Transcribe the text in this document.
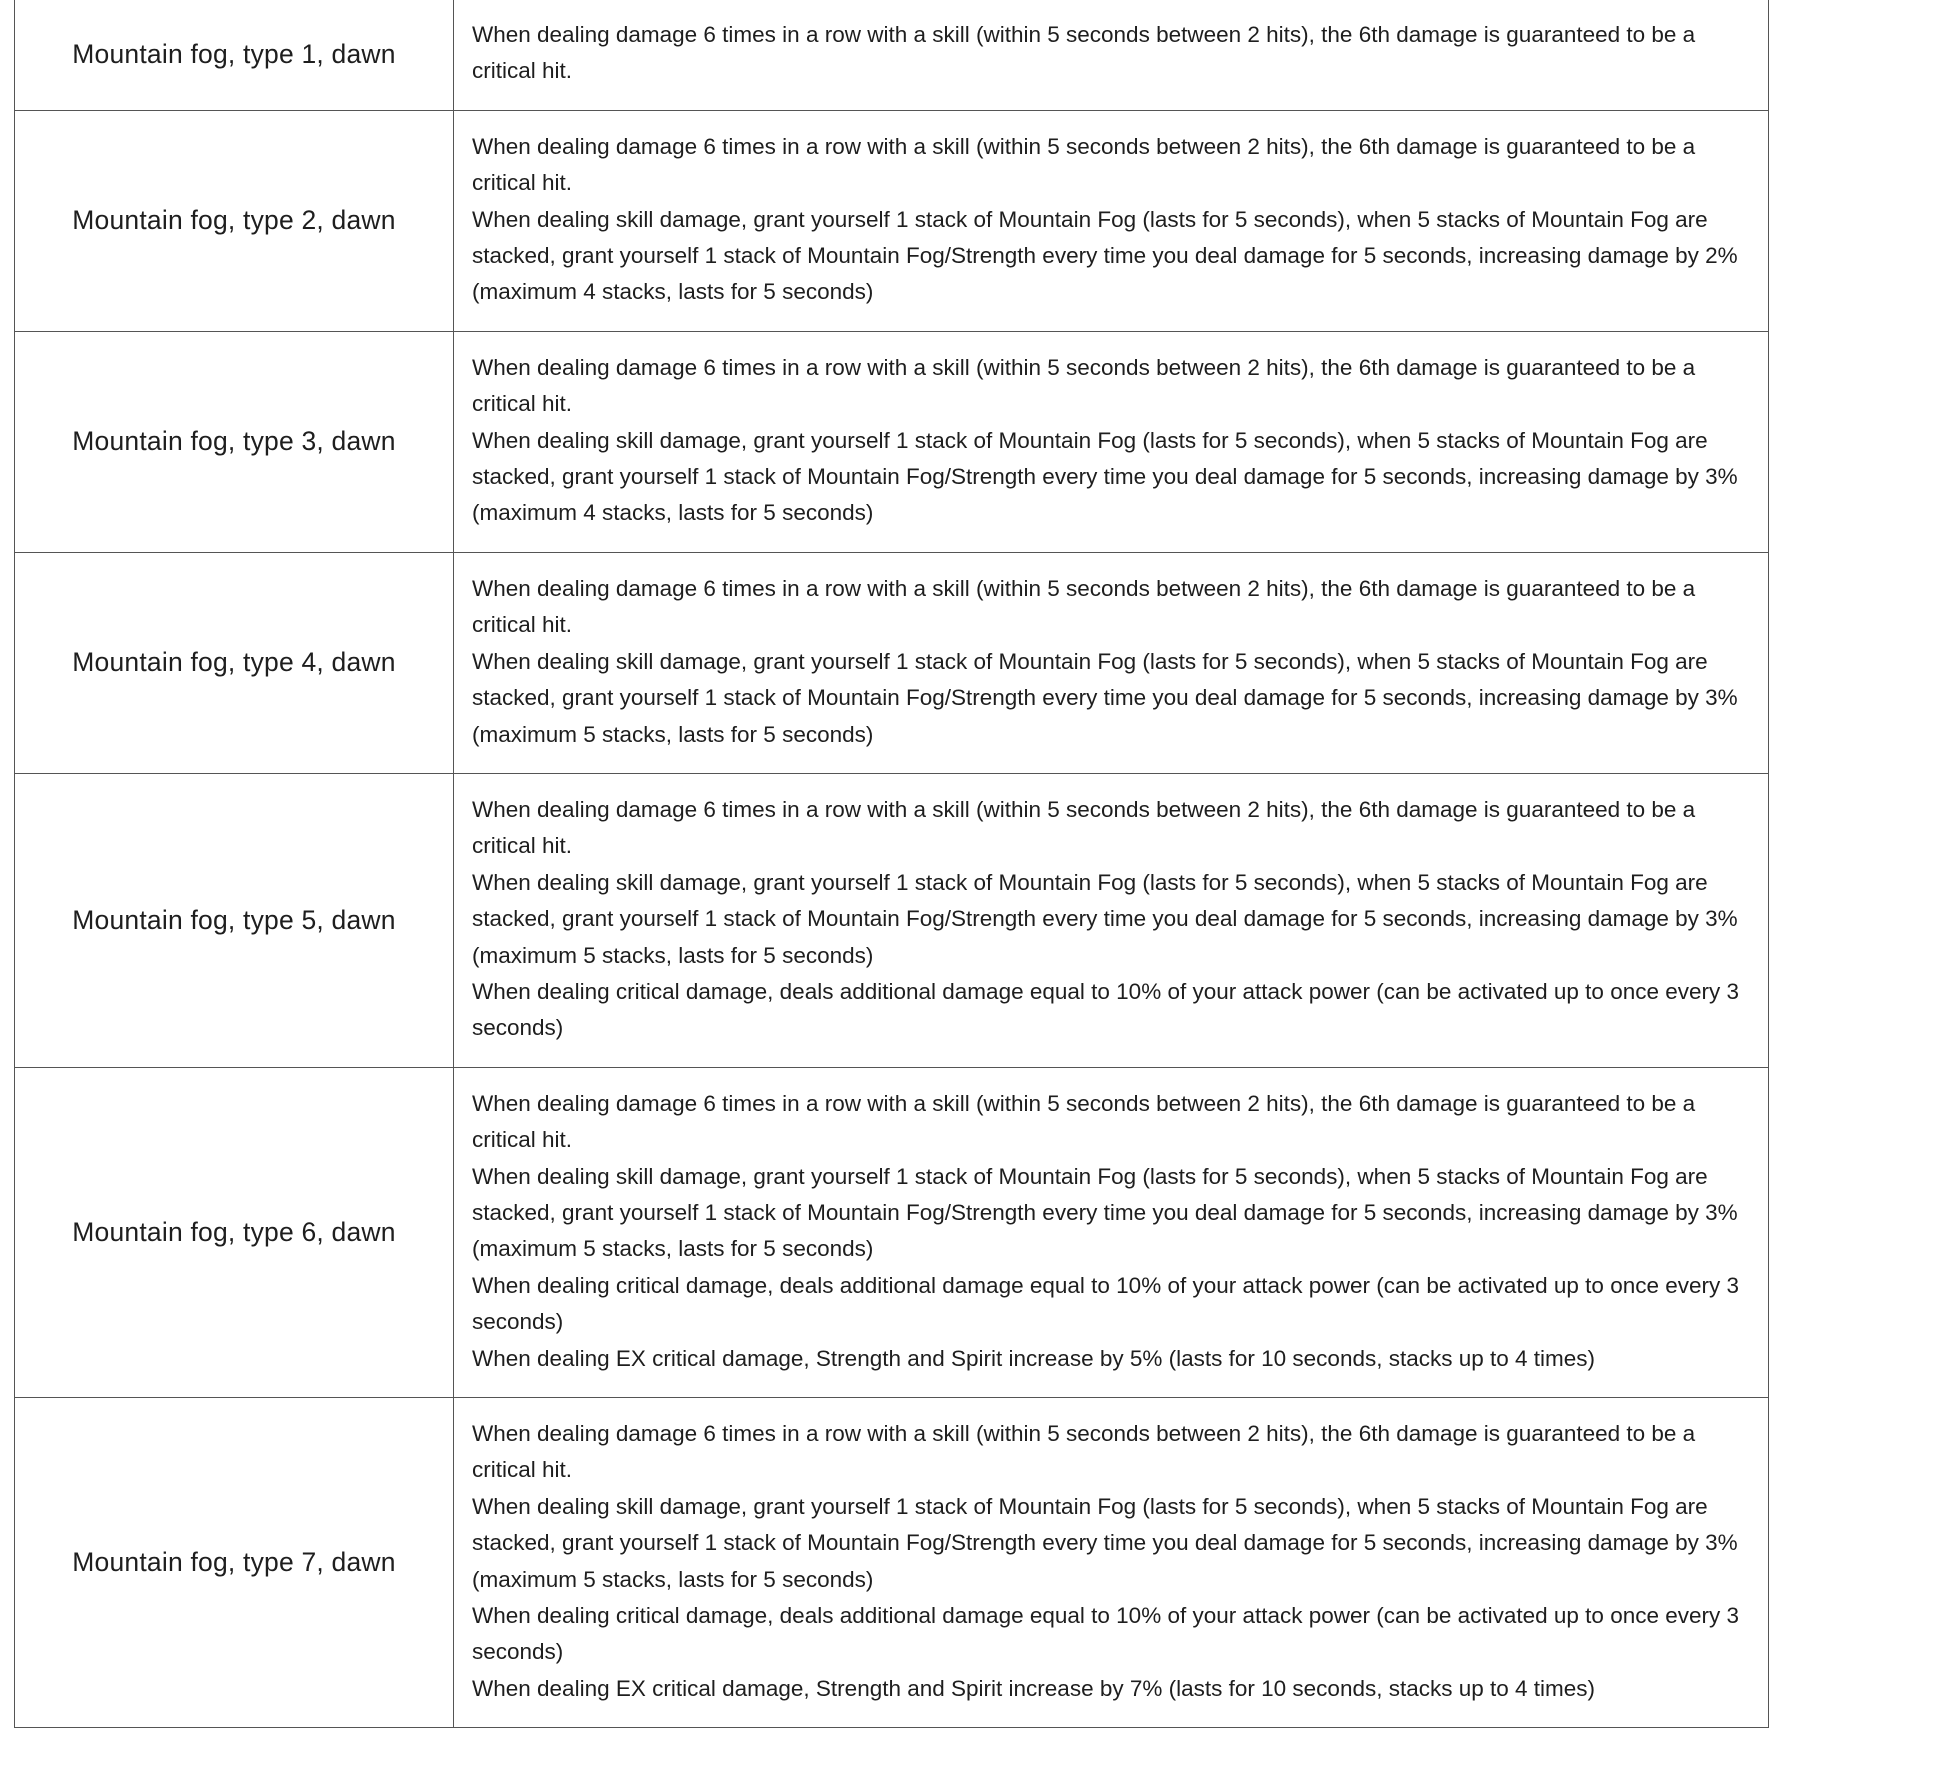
Mountain fog, type 1, dawn	When dealing damage 6 times in a row with a skill (within 5 seconds between 2 hits), the 6th damage is guaranteed to be a critical hit.

Mountain fog, type 2, dawn	When dealing damage 6 times in a row with a skill (within 5 seconds between 2 hits), the 6th damage is guaranteed to be a critical hit.
When dealing skill damage, grant yourself 1 stack of Mountain Fog (lasts for 5 seconds), when 5 stacks of Mountain Fog are stacked, grant yourself 1 stack of Mountain Fog/Strength every time you deal damage for 5 seconds, increasing damage by 2% (maximum 4 stacks, lasts for 5 seconds)

Mountain fog, type 3, dawn	When dealing damage 6 times in a row with a skill (within 5 seconds between 2 hits), the 6th damage is guaranteed to be a critical hit.
When dealing skill damage, grant yourself 1 stack of Mountain Fog (lasts for 5 seconds), when 5 stacks of Mountain Fog are stacked, grant yourself 1 stack of Mountain Fog/Strength every time you deal damage for 5 seconds, increasing damage by 3% (maximum 4 stacks, lasts for 5 seconds)

Mountain fog, type 4, dawn	When dealing damage 6 times in a row with a skill (within 5 seconds between 2 hits), the 6th damage is guaranteed to be a critical hit.
When dealing skill damage, grant yourself 1 stack of Mountain Fog (lasts for 5 seconds), when 5 stacks of Mountain Fog are stacked, grant yourself 1 stack of Mountain Fog/Strength every time you deal damage for 5 seconds, increasing damage by 3% (maximum 5 stacks, lasts for 5 seconds)

Mountain fog, type 5, dawn	When dealing damage 6 times in a row with a skill (within 5 seconds between 2 hits), the 6th damage is guaranteed to be a critical hit.
When dealing skill damage, grant yourself 1 stack of Mountain Fog (lasts for 5 seconds), when 5 stacks of Mountain Fog are stacked, grant yourself 1 stack of Mountain Fog/Strength every time you deal damage for 5 seconds, increasing damage by 3% (maximum 5 stacks, lasts for 5 seconds)
When dealing critical damage, deals additional damage equal to 10% of your attack power (can be activated up to once every 3 seconds)

Mountain fog, type 6, dawn	When dealing damage 6 times in a row with a skill (within 5 seconds between 2 hits), the 6th damage is guaranteed to be a critical hit.
When dealing skill damage, grant yourself 1 stack of Mountain Fog (lasts for 5 seconds), when 5 stacks of Mountain Fog are stacked, grant yourself 1 stack of Mountain Fog/Strength every time you deal damage for 5 seconds, increasing damage by 3% (maximum 5 stacks, lasts for 5 seconds)
When dealing critical damage, deals additional damage equal to 10% of your attack power (can be activated up to once every 3 seconds)
When dealing EX critical damage, Strength and Spirit increase by 5% (lasts for 10 seconds, stacks up to 4 times)

Mountain fog, type 7, dawn	When dealing damage 6 times in a row with a skill (within 5 seconds between 2 hits), the 6th damage is guaranteed to be a critical hit.
When dealing skill damage, grant yourself 1 stack of Mountain Fog (lasts for 5 seconds), when 5 stacks of Mountain Fog are stacked, grant yourself 1 stack of Mountain Fog/Strength every time you deal damage for 5 seconds, increasing damage by 3% (maximum 5 stacks, lasts for 5 seconds)
When dealing critical damage, deals additional damage equal to 10% of your attack power (can be activated up to once every 3 seconds)
When dealing EX critical damage, Strength and Spirit increase by 7% (lasts for 10 seconds, stacks up to 4 times)
